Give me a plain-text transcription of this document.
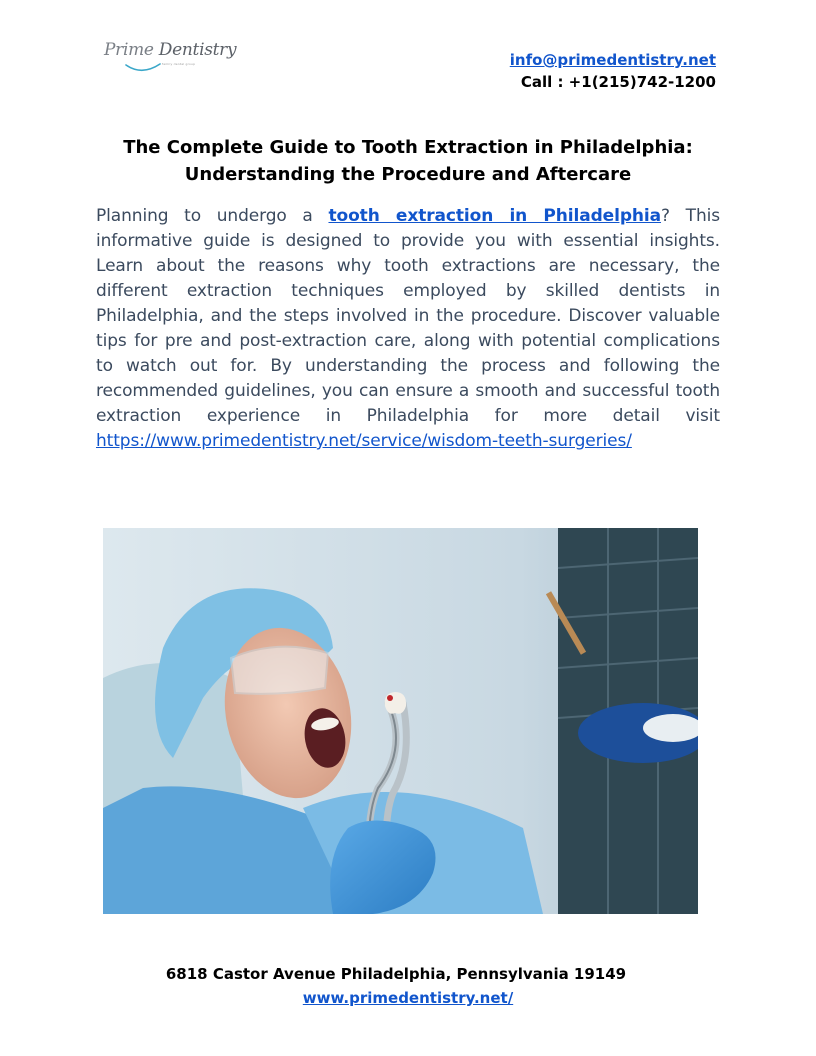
Prime Dentistry
family dental group	info@primedentistry.net
Call : +1(215)742-1200
The Complete Guide to Tooth Extraction in Philadelphia:
Understanding the Procedure and Aftercare

Planning to undergo a tooth extraction in Philadelphia? This informative guide is designed to provide you with essential insights. Learn about the reasons why tooth extractions are necessary, the different extraction techniques employed by skilled dentists in Philadelphia, and the steps involved in the procedure. Discover valuable tips for pre and post-extraction care, along with potential complications to watch out for. By understanding the process and following the recommended guidelines, you can ensure a smooth and successful tooth extraction experience in Philadelphia for more detail visit https://www.primedentistry.net/service/wisdom-teeth-surgeries/

6818 Castor Avenue Philadelphia, Pennsylvania 19149
www.primedentistry.net/
